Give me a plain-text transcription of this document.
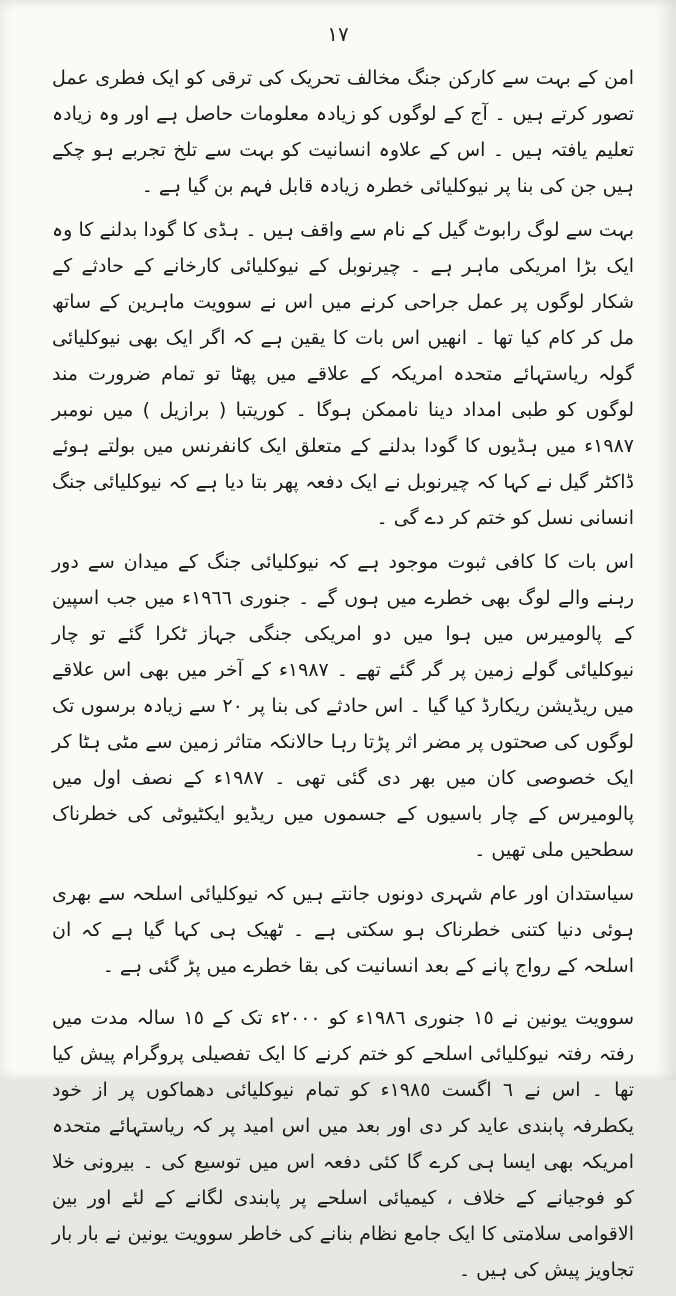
١٧

امن کے بہت سے کارکن جنگ مخالف تحریک کی ترقی کو ایک فطری عمل تصور کرتے ہیں ۔ آج کے لوگوں کو زیادہ معلومات حاصل ہے اور وہ زیادہ تعلیم یافتہ ہیں ۔ اس کے علاوہ انسانیت کو بہت سے تلخ تجربے ہو چکے ہیں جن کی بنا پر نیوکلیائی خطرہ زیادہ قابل فہم بن گیا ہے ۔

بہت سے لوگ رابوٹ گیل کے نام سے واقف ہیں ۔ ہڈی کا گودا بدلنے کا وہ ایک بڑا امریکی ماہر ہے ۔ چیرنوبل کے نیوکلیائی کارخانے کے حادثے کے شکار لوگوں پر عمل جراحی کرنے میں اس نے سوویت ماہرین کے ساتھ مل کر کام کیا تھا ۔ انھیں اس بات کا یقین ہے کہ اگر ایک بھی نیوکلیائی گولہ ریاستہائے متحدہ امریکہ کے علاقے میں پھٹا تو تمام ضرورت مند لوگوں کو طبی امداد دینا ناممکن ہوگا ۔ کوریتبا ( برازیل ) میں نومبر ١٩٨٧ء میں ہڈیوں کا گودا بدلنے کے متعلق ایک کانفرنس میں بولتے ہوئے ڈاکٹر گیل نے کہا کہ چیرنوبل نے ایک دفعہ پھر بتا دیا ہے کہ نیوکلیائی جنگ انسانی نسل کو ختم کر دے گی ۔

اس بات کا کافی ثبوت موجود ہے کہ نیوکلیائی جنگ کے میدان سے دور رہنے والے لوگ بھی خطرے میں ہوں گے ۔ جنوری ١٩٦٦ء میں جب اسپین کے پالومیرس میں ہوا میں دو امریکی جنگی جہاز ٹکرا گئے تو چار نیوکلیائی گولے زمین پر گر گئے تھے ۔ ١٩٨٧ء کے آخر میں بھی اس علاقے میں ریڈیشن ریکارڈ کیا گیا ۔ اس حادثے کی بنا پر ٢٠ سے زیادہ برسوں تک لوگوں کی صحتوں پر مضر اثر پڑتا رہا حالانکہ متاثر زمین سے مٹی ہٹا کر ایک خصوصی کان میں بھر دی گئی تھی ۔ ١٩٨٧ء کے نصف اول میں پالومیرس کے چار باسیوں کے جسموں میں ریڈیو ایکٹیوٹی کی خطرناک سطحیں ملی تھیں ۔

سیاستدان اور عام شہری دونوں جانتے ہیں کہ نیوکلیائی اسلحہ سے بھری ہوئی دنیا کتنی خطرناک ہو سکتی ہے ۔ ٹھیک ہی کہا گیا ہے کہ ان اسلحہ کے رواج پانے کے بعد انسانیت کی بقا خطرے میں پڑ گئی ہے ۔

سوویت یونین نے ١٥ جنوری ١٩٨٦ء کو ٢٠٠٠ء تک کے ١٥ سالہ مدت میں رفتہ رفتہ نیوکلیائی اسلحے کو ختم کرنے کا ایک تفصیلی پروگرام پیش کیا تھا ۔ اس نے ٦ اگست ١٩٨٥ء کو تمام نیوکلیائی دھماکوں پر از خود یکطرفہ پابندی عاید کر دی اور بعد میں اس امید پر کہ ریاستہائے متحدہ امریکہ بھی ایسا ہی کرے گا کئی دفعہ اس میں توسیع کی ۔ بیرونی خلا کو فوجیانے کے خلاف ، کیمیائی اسلحے پر پابندی لگانے کے لئے اور بین الاقوامی سلامتی کا ایک جامع نظام بنانے کی خاطر سوویت یونین نے بار بار تجاویز پیش کی ہیں ۔
